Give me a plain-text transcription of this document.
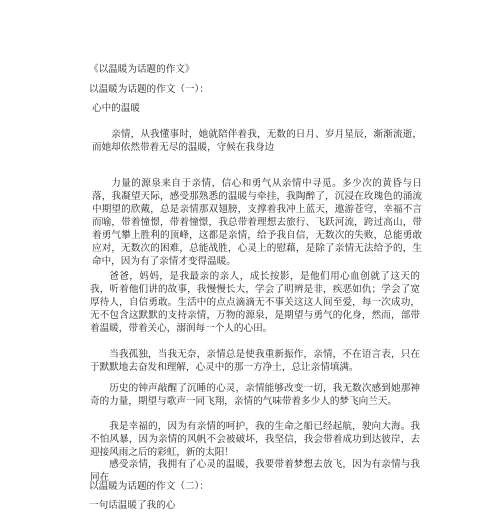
《以温暖为话题的作文》
以温暖为话题的作文（一）：
心中的温暖
亲情，从我懂事时，她就陪伴着我，无数的日月、岁月星辰，渐渐流逝，而她却依然带着无尽的温暖，守候在我身边
力量的源泉来自于亲情，信心和勇气从亲情中寻觅。多少次的黄昏与日落，我凝望天际，感受那熟悉的温暖与牵挂，我陶醉了，沉浸在玫瑰色的涌流中期望的欣戴，总是亲情那双翅膀，支撑着我冲上蓝天，遨游苍穹，幸福不言而喻，带着憧憬，带着憧憬，我总带着理想去旅行、飞跃河流，跨过高山，带着勇气攀上胜利的顶峰，这都是亲情，给予我自信，无数次的失败，总能勇敢应对，无数次的困难，总能战胜，心灵上的慰藉，是除了亲情无法给予的，生命中，因为有了亲情才变得温暖。
爸爸，妈妈，是我最亲的亲人，成长按影，是他们用心血创就了这天的我，听着他们讲的故事，我慢慢长大，学会了明辨是非，疾恶如仇；学会了宽厚待人，自信勇敢。生活中的点点滴滴无不事关这这人间至爱，每一次成功，无不包含这默默的支持亲情，万物的源泉，是期望与勇气的化身，然而，部带着温暖，带着关心，溺润每一个人的心田。
当我孤独，当我无奈，亲情总是使我重新振作，亲情，不在语言表，只在于默默地去奋发和理解，心灵中的那一方净土，总让亲情填满。
历史的钟声敲醒了沉睡的心灵，亲情能够改变一切，我无数次感到她那神奇的力量，期望与歌声一同飞翔，亲情的气味带着多少人的梦飞向兰天。
我是幸福的，因为有亲情的呵护，我的生命之船已经起航，驶向大海。我不怕风暴，因为亲情的风帆不会被破坏，我坚信，我会带着成功到达彼岸，去迎接风雨之后的彩虹，新的太阳！
感受亲情，我拥有了心灵的温暖，我要带着梦想去放飞，因为有亲情与我同在
以温暖为话题的作文（二）：
一句话温暖了我的心
